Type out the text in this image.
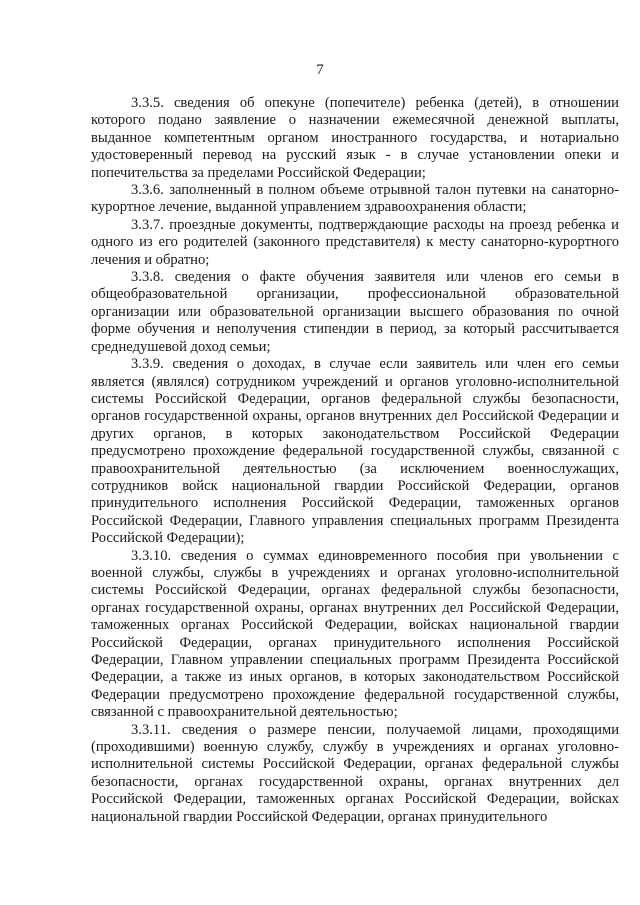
7

3.3.5. сведения об опекуне (попечителе) ребенка (детей), в отношении которого подано заявление о назначении ежемесячной денежной выплаты, выданное компетентным органом иностранного государства, и нотариально удостоверенный перевод на русский язык - в случае установлении опеки и попечительства за пределами Российской Федерации;

3.3.6. заполненный в полном объеме отрывной талон путевки на санаторно-курортное лечение, выданной управлением здравоохранения области;

3.3.7. проездные документы, подтверждающие расходы на проезд ребенка и одного из его родителей (законного представителя) к месту санаторно-курортного лечения и обратно;

3.3.8. сведения о факте обучения заявителя или членов его семьи в общеобразовательной организации, профессиональной образовательной организации или образовательной организации высшего образования по очной форме обучения и неполучения стипендии в период, за который рассчитывается среднедушевой доход семьи;

3.3.9. сведения о доходах, в случае если заявитель или член его семьи является (являлся) сотрудником учреждений и органов уголовно-исполнительной системы Российской Федерации, органов федеральной службы безопасности, органов государственной охраны, органов внутренних дел Российской Федерации и других органов, в которых законодательством Российской Федерации предусмотрено прохождение федеральной государственной службы, связанной с правоохранительной деятельностью (за исключением военнослужащих, сотрудников войск национальной гвардии Российской Федерации, органов принудительного исполнения Российской Федерации, таможенных органов Российской Федерации, Главного управления специальных программ Президента Российской Федерации);

3.3.10. сведения о суммах единовременного пособия при увольнении с военной службы, службы в учреждениях и органах уголовно-исполнительной системы Российской Федерации, органах федеральной службы безопасности, органах государственной охраны, органах внутренних дел Российской Федерации, таможенных органах Российской Федерации, войсках национальной гвардии Российской Федерации, органах принудительного исполнения Российской Федерации, Главном управлении специальных программ Президента Российской Федерации, а также из иных органов, в которых законодательством Российской Федерации предусмотрено прохождение федеральной государственной службы, связанной с правоохранительной деятельностью;

3.3.11. сведения о размере пенсии, получаемой лицами, проходящими (проходившими) военную службу, службу в учреждениях и органах уголовно-исполнительной системы Российской Федерации, органах федеральной службы безопасности, органах государственной охраны, органах внутренних дел Российской Федерации, таможенных органах Российской Федерации, войсках национальной гвардии Российской Федерации, органах принудительного
